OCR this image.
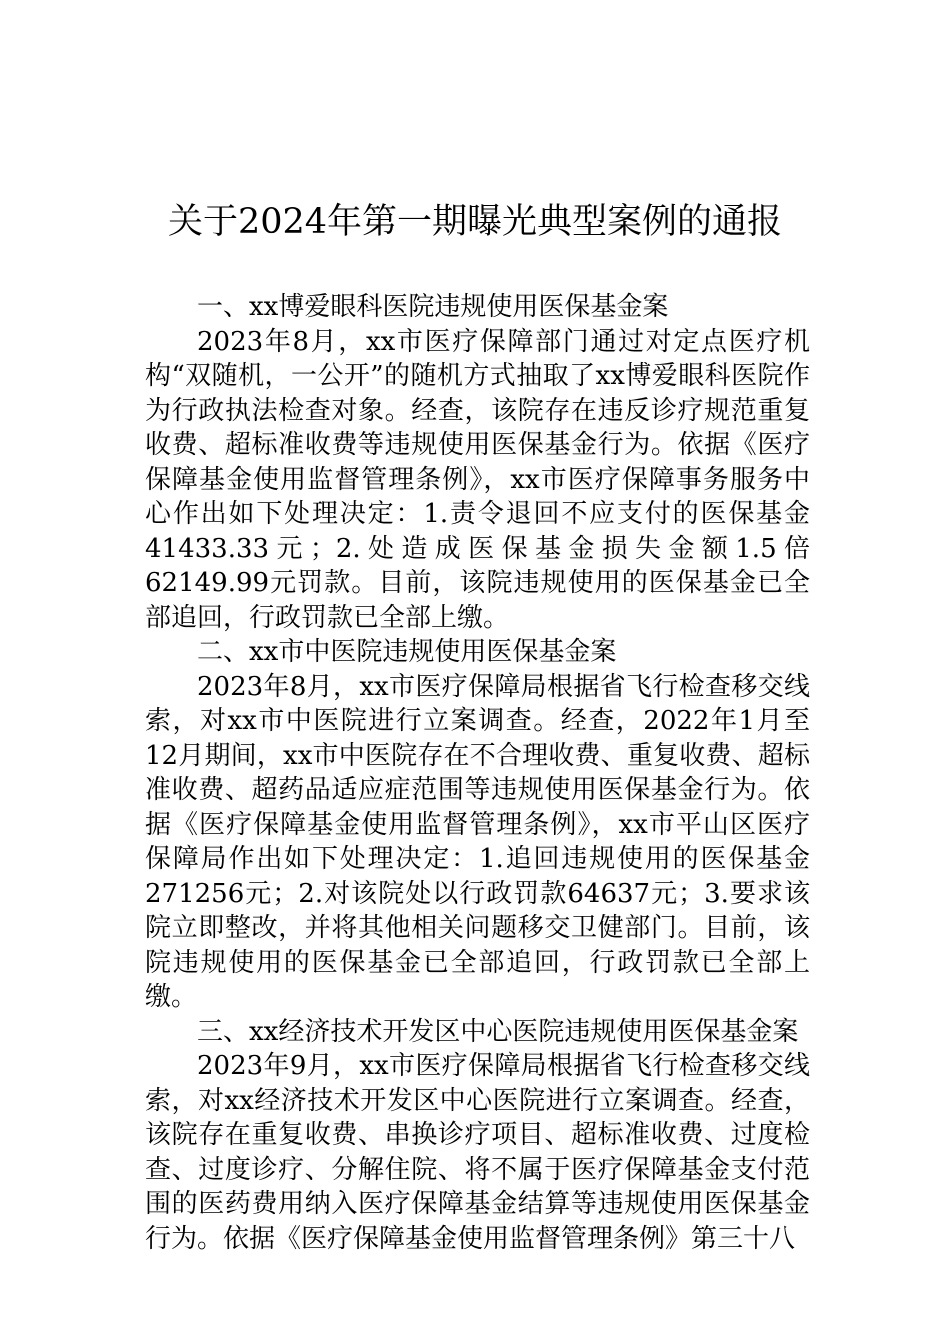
关于2024年第一期曝光典型案例的通报
一、xx博爱眼科医院违规使用医保基金案
2023年8月，xx市医疗保障部门通过对定点医疗机构“双随机，一公开”的随机方式抽取了xx博爱眼科医院作为行政执法检查对象。经查，该院存在违反诊疗规范重复收费、超标准收费等违规使用医保基金行为。依据《医疗保障基金使用监督管理条例》，xx市医疗保障事务服务中心作出如下处理决定：1.责令退回不应支付的医保基金41433.33元；2.处造成医保基金损失金额1.5倍62149.99元罚款。目前，该院违规使用的医保基金已全部追回，行政罚款已全部上缴。
二、xx市中医院违规使用医保基金案
2023年8月，xx市医疗保障局根据省飞行检查移交线索，对xx市中医院进行立案调查。经查，2022年1月至12月期间，xx市中医院存在不合理收费、重复收费、超标准收费、超药品适应症范围等违规使用医保基金行为。依据《医疗保障基金使用监督管理条例》，xx市平山区医疗保障局作出如下处理决定：1.追回违规使用的医保基金271256元；2.对该院处以行政罚款64637元；3.要求该院立即整改，并将其他相关问题移交卫健部门。目前，该院违规使用的医保基金已全部追回，行政罚款已全部上缴。
三、xx经济技术开发区中心医院违规使用医保基金案
2023年9月，xx市医疗保障局根据省飞行检查移交线索，对xx经济技术开发区中心医院进行立案调查。经查，该院存在重复收费、串换诊疗项目、超标准收费、过度检查、过度诊疗、分解住院、将不属于医疗保障基金支付范围的医药费用纳入医疗保障基金结算等违规使用医保基金行为。依据《医疗保障基金使用监督管理条例》第三十八
